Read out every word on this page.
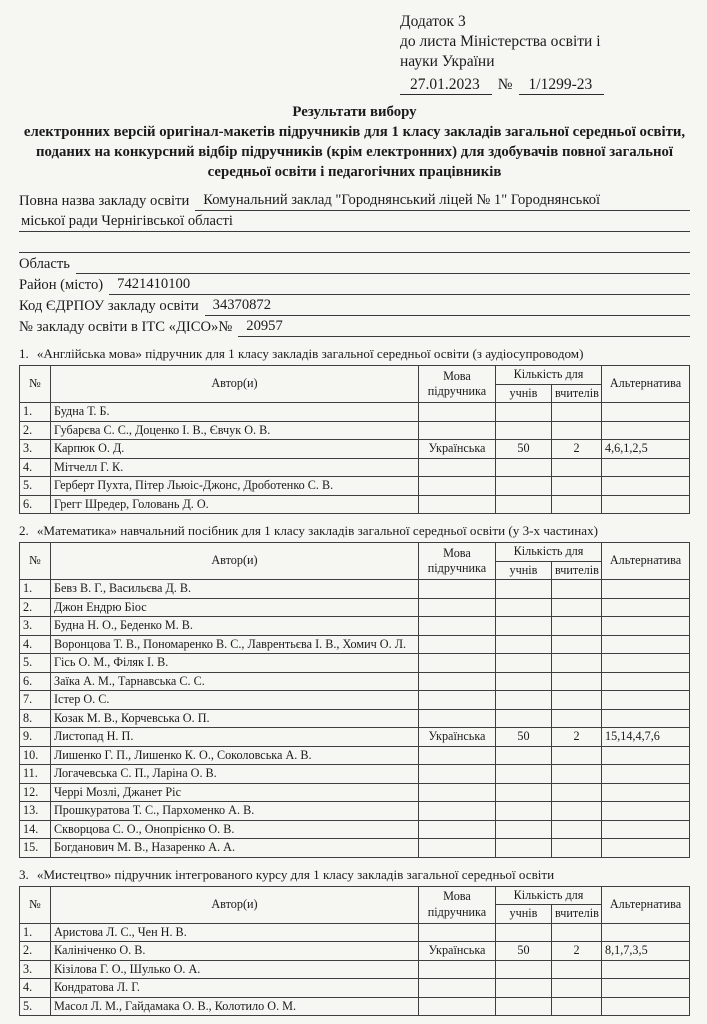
Додаток 3
до листа Міністерства освіти і
науки України
27.01.2023 № 1/1299-23
Результати вибору
електронних версій оригінал-макетів підручників для 1 класу закладів загальної середньої освіти, поданих на конкурсний відбір підручників (крім електронних) для здобувачів повної загальної середньої освіти і педагогічних працівників
Повна назва закладу освіти Комунальний заклад "Городнянський ліцей № 1" Городнянської
міської ради Чернігівської області
Область
Район (місто) 7421410100
Код ЄДРПОУ закладу освіти 34370872
№ закладу освіти в ІТС «ДІСО»№ 20957
1. «Англійська мова» підручник для 1 класу закладів загальної середньої освіти (з аудіосупроводом)
№	Автор(и)	Мова підручника	Кількість для		Альтернатива
			учнів	вчителів	
1.	Будна Т. Б.				
2.	Губарєва С. С., Доценко І. В., Євчук О. В.				
3.	Карпюк О. Д.	Українська	50	2	4,6,1,2,5
4.	Мітчелл Г. К.				
5.	Герберт Пухта, Пітер Льюіс-Джонс, Дроботенко С. В.				
6.	Грегг Шредер, Головань Д. О.				
2. «Математика» навчальний посібник для 1 класу закладів загальної середньої освіти (у 3-х частинах)
№	Автор(и)	Мова підручника	Кількість для		Альтернатива
			учнів	вчителів	
1.	Бевз В. Г., Васильєва Д. В.				
2.	Джон Ендрю Біос				
3.	Будна Н. О., Беденко М. В.				
4.	Воронцова Т. В., Пономаренко В. С., Лаврентьєва І. В., Хомич О. Л.				
5.	Гісь О. М., Філяк І. В.				
6.	Заїка А. М., Тарнавська С. С.				
7.	Істер О. С.				
8.	Козак М. В., Корчевська О. П.				
9.	Листопад Н. П.	Українська	50	2	15,14,4,7,6
10.	Лишенко Г. П., Лишенко К. О., Соколовська А. В.				
11.	Логачевська С. П., Ларіна О. В.				
12.	Черрі Мозлі, Джанет Ріс				
13.	Прошкуратова Т. С., Пархоменко А. В.				
14.	Скворцова С. О., Онопрієнко О. В.				
15.	Богданович М. В., Назаренко А. А.				
3. «Мистецтво» підручник інтегрованого курсу для 1 класу закладів загальної середньої освіти
№	Автор(и)	Мова підручника	Кількість для		Альтернатива
			учнів	вчителів	
1.	Аристова Л. С., Чен Н. В.				
2.	Калініченко О. В.	Українська	50	2	8,1,7,3,5
3.	Кізілова Г. О., Шулько О. А.				
4.	Кондратова Л. Г.				
5.	Масол Л. М., Гайдамака О. В., Колотило О. М.				
